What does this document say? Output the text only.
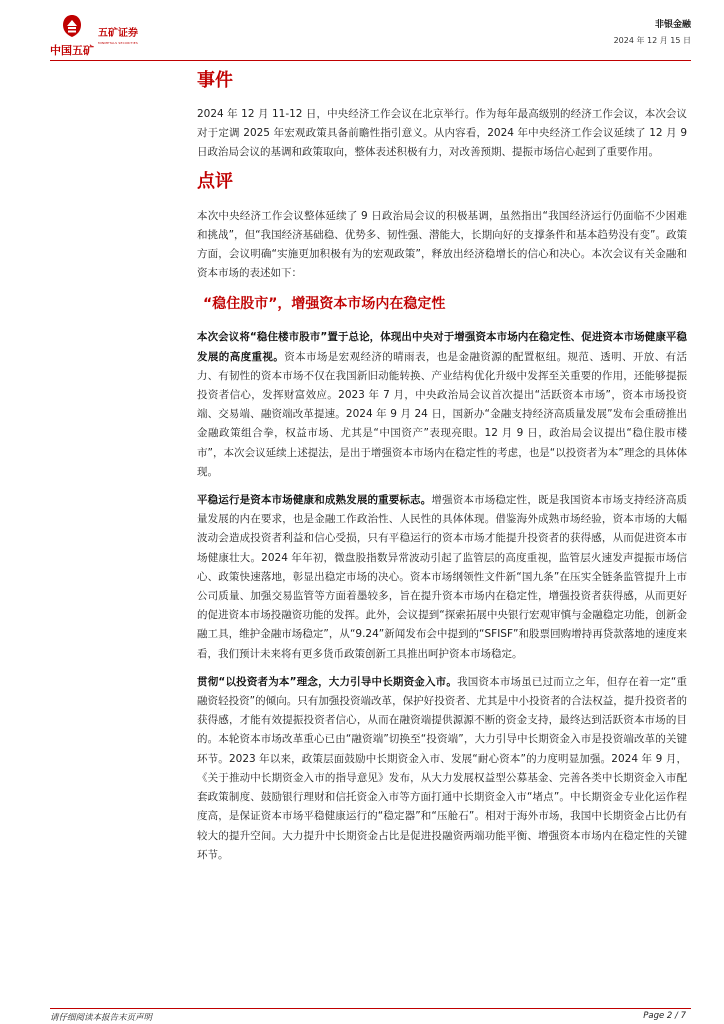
中国五矿
五矿证券
MINMETALS SECURITIES
非银金融
2024 年 12 月 15 日
事件

2024 年 12 月 11-12 日，中央经济工作会议在北京举行。作为每年最高级别的经济工作会议，本次会议对于定调 2025 年宏观政策具备前瞻性指引意义。从内容看，2024 年中央经济工作会议延续了 12 月 9 日政治局会议的基调和政策取向，整体表述积极有力，对改善预期、提振市场信心起到了重要作用。

点评

本次中央经济工作会议整体延续了 9 日政治局会议的积极基调，虽然指出“我国经济运行仍面临不少困难和挑战”，但“我国经济基础稳、优势多、韧性强、潜能大，长期向好的支撑条件和基本趋势没有变”。政策方面，会议明确“实施更加积极有为的宏观政策”，释放出经济稳增长的信心和决心。本次会议有关金融和资本市场的表述如下：

“稳住股市”，增强资本市场内在稳定性

本次会议将“稳住楼市股市”置于总论，体现出中央对于增强资本市场内在稳定性、促进资本市场健康平稳发展的高度重视。资本市场是宏观经济的晴雨表，也是金融资源的配置枢纽。规范、透明、开放、有活力、有韧性的资本市场不仅在我国新旧动能转换、产业结构优化升级中发挥至关重要的作用，还能够提振投资者信心，发挥财富效应。2023 年 7 月，中央政治局会议首次提出“活跃资本市场”，资本市场投资端、交易端、融资端改革提速。2024 年 9 月 24 日，国新办“金融支持经济高质量发展”发布会重磅推出金融政策组合拳，权益市场、尤其是“中国资产”表现亮眼。12 月 9 日，政治局会议提出“稳住股市楼市”，本次会议延续上述提法，是出于增强资本市场内在稳定性的考虑，也是“以投资者为本”理念的具体体现。

平稳运行是资本市场健康和成熟发展的重要标志。增强资本市场稳定性，既是我国资本市场支持经济高质量发展的内在要求，也是金融工作政治性、人民性的具体体现。借鉴海外成熟市场经验，资本市场的大幅波动会造成投资者利益和信心受损，只有平稳运行的资本市场才能提升投资者的获得感，从而促进资本市场健康壮大。2024 年年初，微盘股指数异常波动引起了监管层的高度重视，监管层火速发声提振市场信心、政策快速落地，彰显出稳定市场的决心。资本市场纲领性文件新“国九条”在压实全链条监管提升上市公司质量、加强交易监管等方面着墨较多，旨在提升资本市场内在稳定性，增强投资者获得感，从而更好的促进资本市场投融资功能的发挥。此外，会议提到“探索拓展中央银行宏观审慎与金融稳定功能，创新金融工具，维护金融市场稳定”，从“9.24”新闻发布会中提到的“SFISF”和股票回购增持再贷款落地的速度来看，我们预计未来将有更多货币政策创新工具推出呵护资本市场稳定。

贯彻“以投资者为本”理念，大力引导中长期资金入市。我国资本市场虽已过而立之年，但存在着一定“重融资轻投资”的倾向。只有加强投资端改革，保护好投资者、尤其是中小投资者的合法权益，提升投资者的获得感，才能有效提振投资者信心，从而在融资端提供源源不断的资金支持，最终达到活跃资本市场的目的。本轮资本市场改革重心已由“融资端”切换至“投资端”，大力引导中长期资金入市是投资端改革的关键环节。2023 年以来，政策层面鼓励中长期资金入市、发展“耐心资本”的力度明显加强。2024 年 9 月，《关于推动中长期资金入市的指导意见》发布，从大力发展权益型公募基金、完善各类中长期资金入市配套政策制度、鼓励银行理财和信托资金入市等方面打通中长期资金入市“堵点”。中长期资金专业化运作程度高，是保证资本市场平稳健康运行的“稳定器”和“压舱石”。相对于海外市场，我国中长期资金占比仍有较大的提升空间。大力提升中长期资金占比是促进投融资两端功能平衡、增强资本市场内在稳定性的关键环节。

请仔细阅读本报告末页声明	Page 2 / 7
